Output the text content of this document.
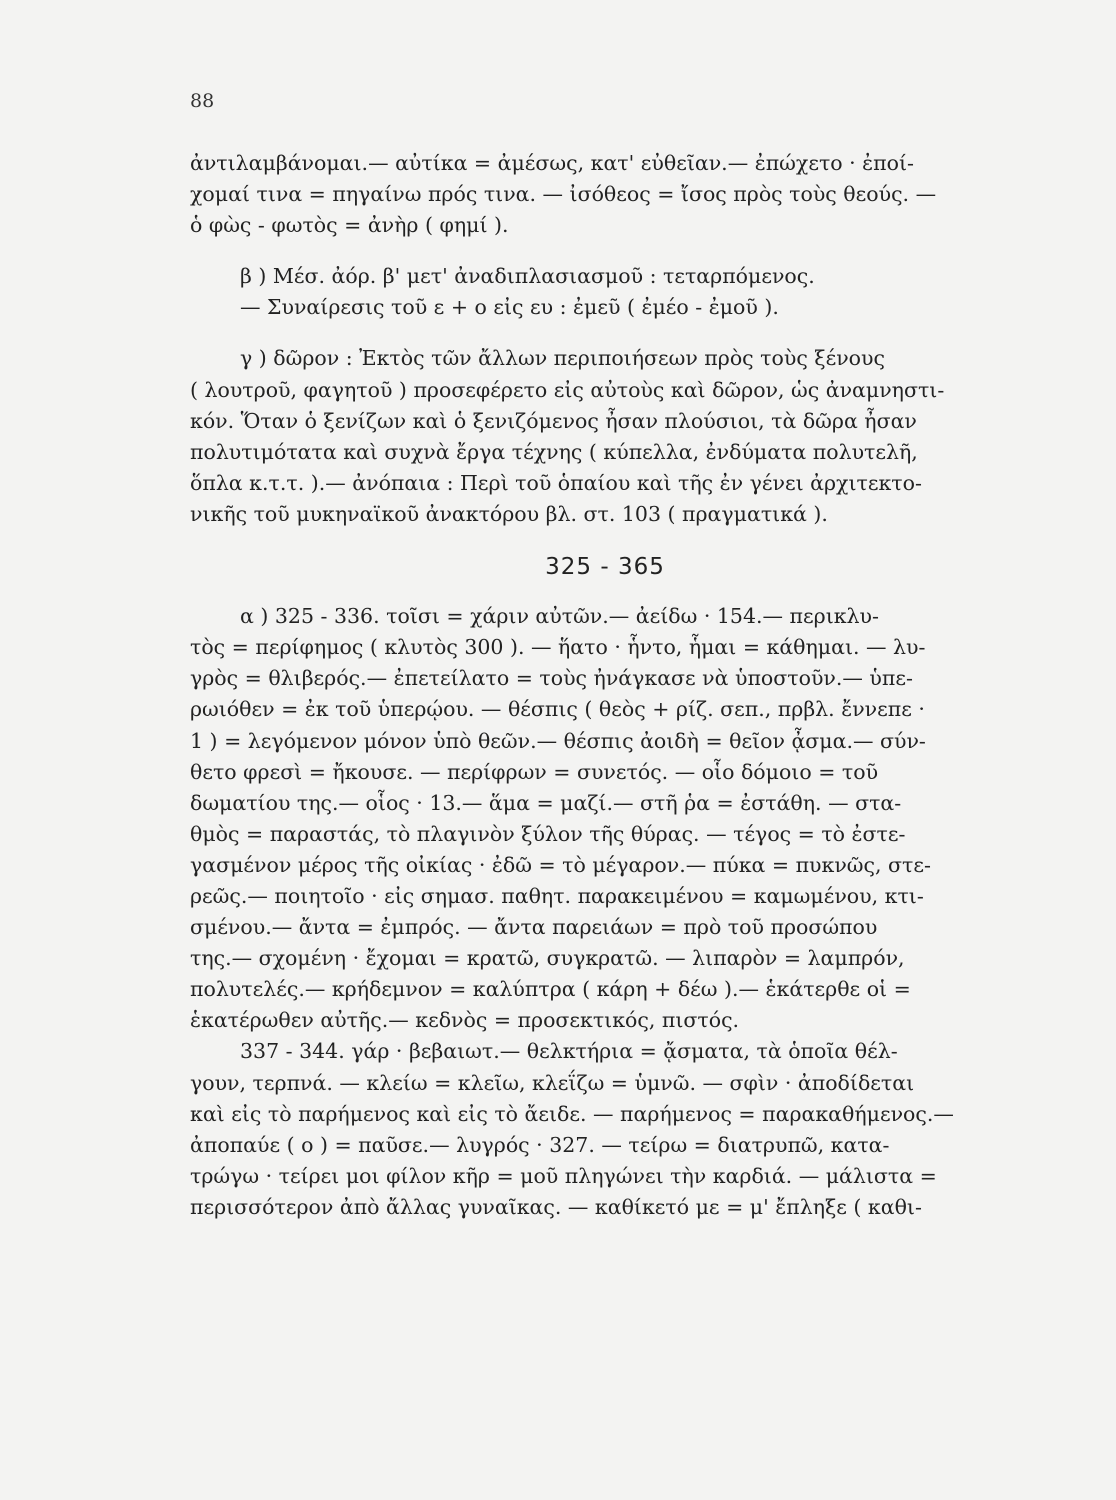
88
ἀντιλαμβάνομαι.— αὐτίκα = ἀμέσως, κατ' εὐθεῖαν.— ἐπώχετο · ἐποί-
χομαί τινα = πηγαίνω πρός τινα. — ἰσόθεος = ἴσος πρὸς τοὺς θεούς. —
ὁ φὼς - φωτὸς = ἀνὴρ ( φημί ).
β ) Μέσ. ἀόρ. β' μετ' ἀναδιπλασιασμοῦ : τεταρπόμενος.
— Συναίρεσις τοῦ ε + ο εἰς ευ : ἐμεῦ ( ἐμέο - ἐμοῦ ).
γ ) δῶρον : Ἐκτὸς τῶν ἄλλων περιποιήσεων πρὸς τοὺς ξένους
( λουτροῦ, φαγητοῦ ) προσεφέρετο εἰς αὐτοὺς καὶ δῶρον, ὡς ἀναμνηστι-
κόν. Ὅταν ὁ ξενίζων καὶ ὁ ξενιζόμενος ἦσαν πλούσιοι, τὰ δῶρα ἦσαν
πολυτιμότατα καὶ συχνὰ ἔργα τέχνης ( κύπελλα, ἐνδύματα πολυτελῆ,
ὅπλα κ.τ.τ. ).— ἀνόπαια : Περὶ τοῦ ὁπαίου καὶ τῆς ἐν γένει ἀρχιτεκτο-
νικῆς τοῦ μυκηναϊκοῦ ἀνακτόρου βλ. στ. 103 ( πραγματικά ).
325 - 365
α ) 325 - 336. τοῖσι = χάριν αὐτῶν.— ἀείδω · 154.— περικλυ-
τὸς = περίφημος ( κλυτὸς 300 ). — ἥατο · ἧντο, ἧμαι = κάθημαι. — λυ-
γρὸς = θλιβερός.— ἐπετείλατο = τοὺς ἠνάγκασε νὰ ὑποστοῦν.— ὑπε-
ρωιόθεν = ἐκ τοῦ ὑπερῴου. — θέσπις ( θεὸς + ρίζ. σεπ., πρβλ. ἔννεπε ·
1 ) = λεγόμενον μόνον ὑπὸ θεῶν.— θέσπις ἀοιδὴ = θεῖον ᾆσμα.— σύν-
θετο φρεσὶ = ἤκουσε. — περίφρων = συνετός. — οἷο δόμοιο = τοῦ
δωματίου της.— οἷος · 13.— ἅμα = μαζί.— στῆ ῥα = ἐστάθη. — στα-
θμὸς = παραστάς, τὸ πλαγινὸν ξύλον τῆς θύρας. — τέγος = τὸ ἐστε-
γασμένον μέρος τῆς οἰκίας · ἐδῶ = τὸ μέγαρον.— πύκα = πυκνῶς, στε-
ρεῶς.— ποιητοῖο · εἰς σημασ. παθητ. παρακειμένου = καμωμένου, κτι-
σμένου.— ἄντα = ἐμπρός. — ἄντα παρειάων = πρὸ τοῦ προσώπου
της.— σχομένη · ἔχομαι = κρατῶ, συγκρατῶ. — λιπαρὸν = λαμπρόν,
πολυτελές.— κρήδεμνον = καλύπτρα ( κάρη + δέω ).— ἑκάτερθε οἱ =
ἑκατέρωθεν αὐτῆς.— κεδνὸς = προσεκτικός, πιστός.
337 - 344. γάρ · βεβαιωτ.— θελκτήρια = ᾄσματα, τὰ ὁποῖα θέλ-
γουν, τερπνά. — κλείω = κλεῖω, κλεΐζω = ὑμνῶ. — σφὶν · ἀποδίδεται
καὶ εἰς τὸ παρήμενος καὶ εἰς τὸ ἄειδε. — παρήμενος = παρακαθήμενος.—
ἀποπαύε ( ο ) = παῦσε.— λυγρός · 327. — τείρω = διατρυπῶ, κατα-
τρώγω · τείρει μοι φίλον κῆρ = μοῦ πληγώνει τὴν καρδιά. — μάλιστα =
περισσότερον ἀπὸ ἄλλας γυναῖκας. — καθίκετό με = μ' ἔπληξε ( καθι-
